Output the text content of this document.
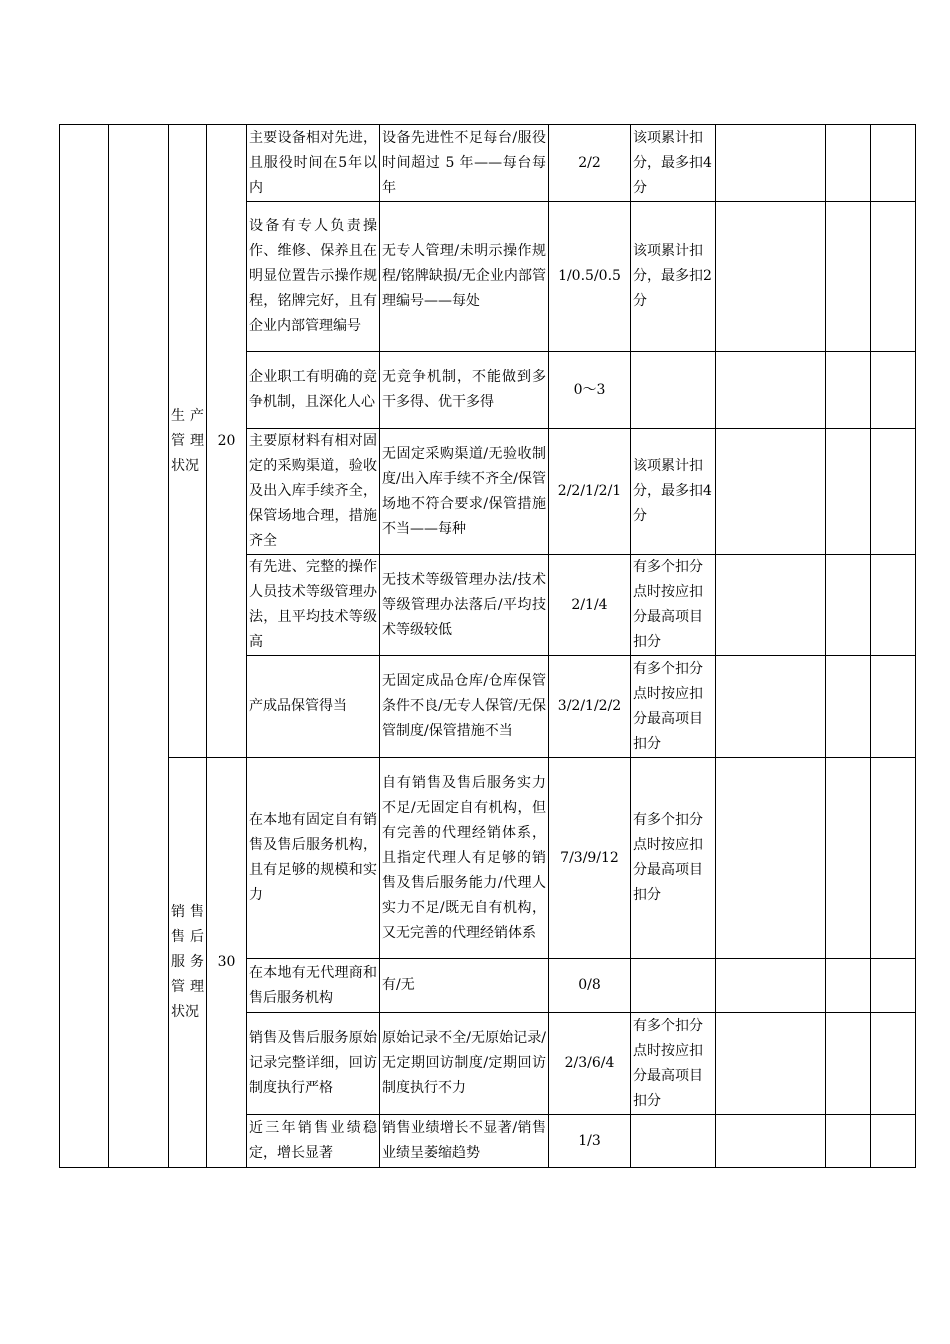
		生产管理状况	20	主要设备相对先进，且服役时间在5年以内	设备先进性不足每台/服役时间超过 5 年——每台每年	2/2	该项累计扣分，最多扣4 分			
				设备有专人负责操作、维修、保养且在明显位置告示操作规程，铭牌完好，且有企业内部管理编号	无专人管理/未明示操作规程/铭牌缺损/无企业内部管理编号——每处	1/0.5/0.5	该项累计扣分，最多扣2 分			
				企业职工有明确的竞争机制，且深化人心	无竞争机制，不能做到多干多得、优干多得	0～3				
				主要原材料有相对固定的采购渠道，验收及出入库手续齐全，保管场地合理，措施齐全	无固定采购渠道/无验收制度/出入库手续不齐全/保管场地不符合要求/保管措施不当——每种	2/2/1/2/1	该项累计扣分，最多扣4 分			
				有先进、完整的操作人员技术等级管理办法，且平均技术等级高	无技术等级管理办法/技术等级管理办法落后/平均技术等级较低	2/1/4	有多个扣分点时按应扣分最高项目扣分			
				产成品保管得当	无固定成品仓库/仓库保管条件不良/无专人保管/无保管制度/保管措施不当	3/2/1/2/2	有多个扣分点时按应扣分最高项目扣分			
		销售售后服务管理状况	30	在本地有固定自有销售及售后服务机构，且有足够的规模和实力	自有销售及售后服务实力不足/无固定自有机构，但有完善的代理经销体系，且指定代理人有足够的销售及售后服务能力/代理人实力不足/既无自有机构，又无完善的代理经销体系	7/3/9/12	有多个扣分点时按应扣分最高项目扣分			
				在本地有无代理商和售后服务机构	有/无	0/8				
				销售及售后服务原始记录完整详细，回访制度执行严格	原始记录不全/无原始记录/无定期回访制度/定期回访制度执行不力	2/3/6/4	有多个扣分点时按应扣分最高项目扣分			
				近三年销售业绩稳定，增长显著	销售业绩增长不显著/销售业绩呈萎缩趋势	1/3				
